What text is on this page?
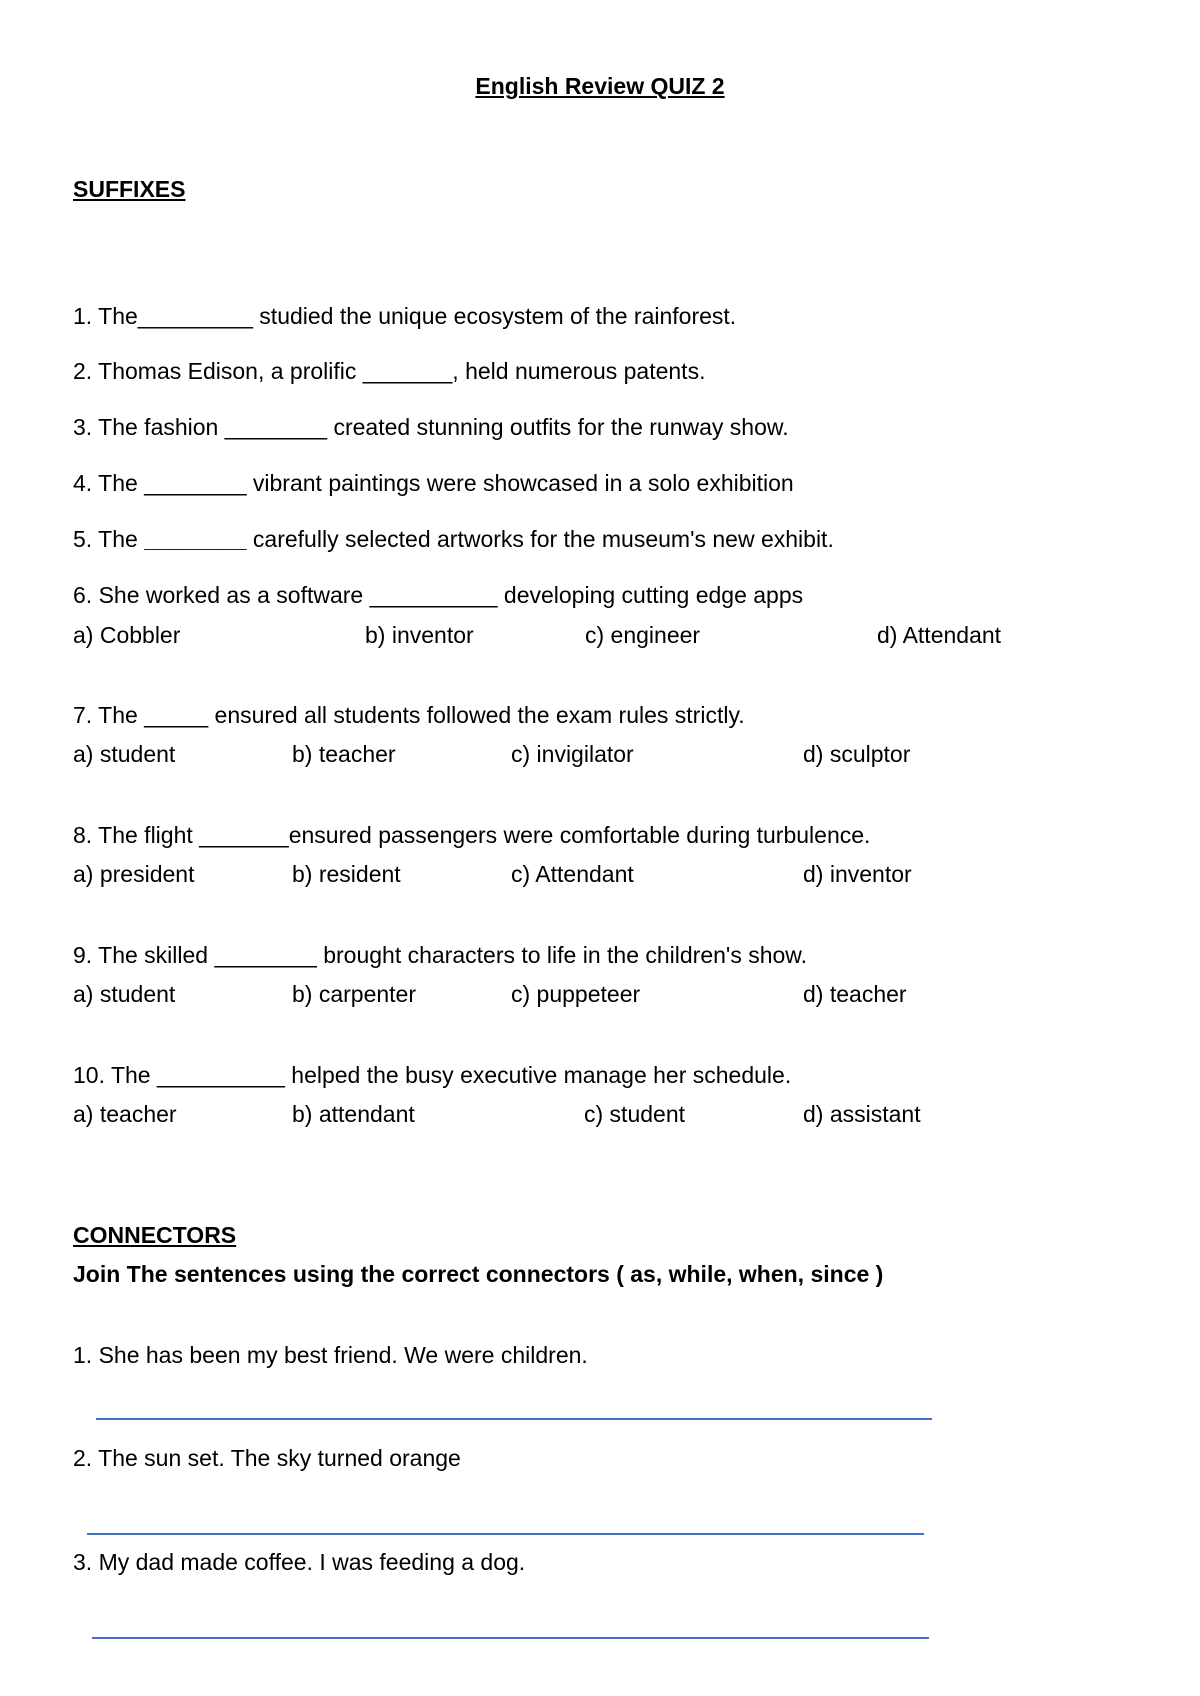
English Review QUIZ 2
SUFFIXES
1. The_________ studied the unique ecosystem of the rainforest.
2. Thomas Edison, a prolific _______, held numerous patents.
3. The fashion ________ created stunning outfits for the runway show.
4. The ________ vibrant paintings were showcased in a solo exhibition
5. The ________ carefully selected artworks for the museum's new exhibit.
6. She worked as a software __________ developing cutting edge apps
a) Cobbler	b) inventor	c) engineer	d) Attendant
7. The _____ ensured all students followed the exam rules strictly.
a) student	b) teacher	c) invigilator	d) sculptor
8. The flight _______ensured passengers were comfortable during turbulence.
a) president	b) resident	c) Attendant	d) inventor
9. The skilled ________ brought characters to life in the children's show.
a) student	b) carpenter	c) puppeteer	d) teacher
10. The __________ helped the busy executive manage her schedule.
a) teacher	b) attendant	c) student	d) assistant
CONNECTORS
Join The sentences using the correct connectors ( as, while, when, since )
1. She has been my best friend. We were children.
2. The sun set. The sky turned orange
3. My dad made coffee. I was feeding a dog.
